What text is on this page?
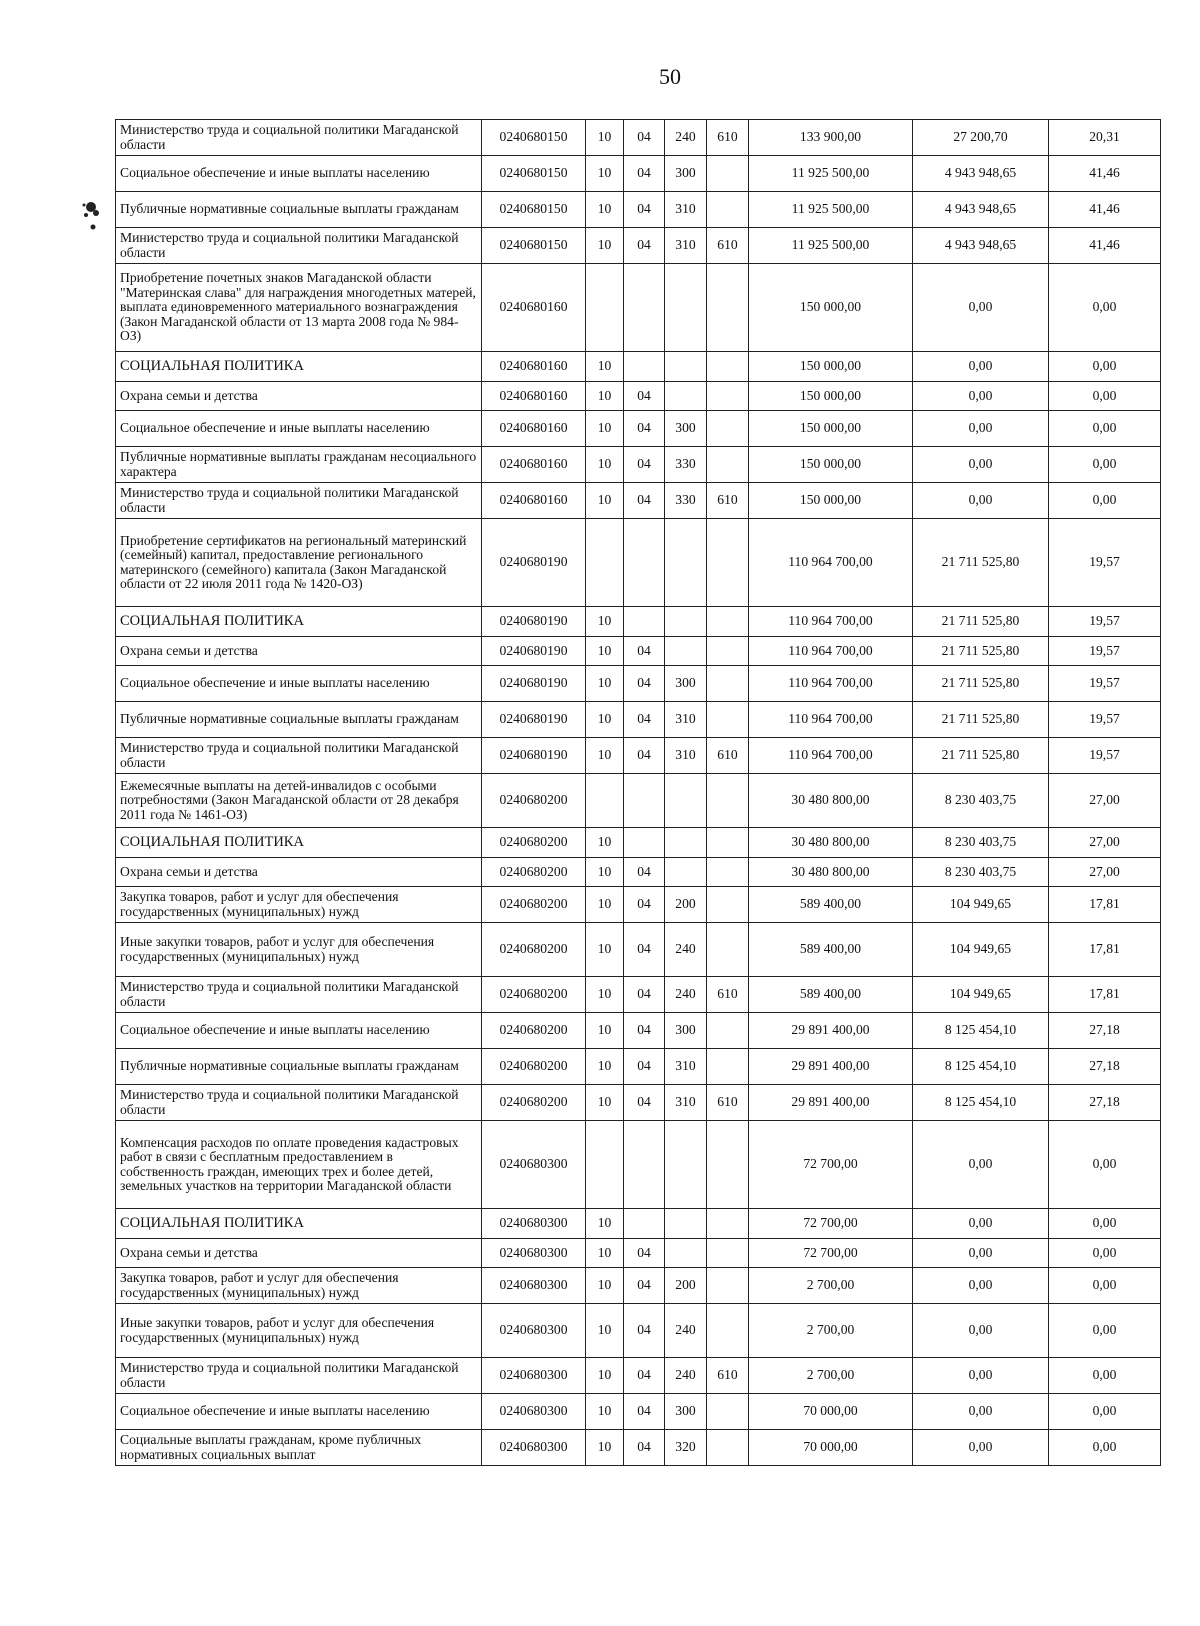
50
Министерство труда и социальной политики Магаданской области	0240680150	10	04	240	610	133 900,00	27 200,70	20,31
Социальное обеспечение и иные выплаты населению	0240680150	10	04	300		11 925 500,00	4 943 948,65	41,46
Публичные нормативные социальные выплаты гражданам	0240680150	10	04	310		11 925 500,00	4 943 948,65	41,46
Министерство труда и социальной политики Магаданской области	0240680150	10	04	310	610	11 925 500,00	4 943 948,65	41,46
Приобретение почетных знаков Магаданской области "Материнская слава" для награждения многодетных матерей, выплата единовременного материального вознаграждения (Закон Магаданской области от 13 марта 2008 года № 984-ОЗ)	0240680160					150 000,00	0,00	0,00
СОЦИАЛЬНАЯ ПОЛИТИКА	0240680160	10				150 000,00	0,00	0,00
Охрана семьи и детства	0240680160	10	04			150 000,00	0,00	0,00
Социальное обеспечение и иные выплаты населению	0240680160	10	04	300		150 000,00	0,00	0,00
Публичные нормативные выплаты гражданам несоциального характера	0240680160	10	04	330		150 000,00	0,00	0,00
Министерство труда и социальной политики Магаданской области	0240680160	10	04	330	610	150 000,00	0,00	0,00
Приобретение сертификатов на региональный материнский (семейный) капитал, предоставление регионального материнского (семейного) капитала (Закон Магаданской области от 22 июля 2011 года № 1420-ОЗ)	0240680190					110 964 700,00	21 711 525,80	19,57
СОЦИАЛЬНАЯ ПОЛИТИКА	0240680190	10				110 964 700,00	21 711 525,80	19,57
Охрана семьи и детства	0240680190	10	04			110 964 700,00	21 711 525,80	19,57
Социальное обеспечение и иные выплаты населению	0240680190	10	04	300		110 964 700,00	21 711 525,80	19,57
Публичные нормативные социальные выплаты гражданам	0240680190	10	04	310		110 964 700,00	21 711 525,80	19,57
Министерство труда и социальной политики Магаданской области	0240680190	10	04	310	610	110 964 700,00	21 711 525,80	19,57
Ежемесячные выплаты на детей-инвалидов с особыми потребностями (Закон Магаданской области от 28 декабря 2011 года № 1461-ОЗ)	0240680200					30 480 800,00	8 230 403,75	27,00
СОЦИАЛЬНАЯ ПОЛИТИКА	0240680200	10				30 480 800,00	8 230 403,75	27,00
Охрана семьи и детства	0240680200	10	04			30 480 800,00	8 230 403,75	27,00
Закупка товаров, работ и услуг для обеспечения государственных (муниципальных) нужд	0240680200	10	04	200		589 400,00	104 949,65	17,81
Иные закупки товаров, работ и услуг для обеспечения государственных (муниципальных) нужд	0240680200	10	04	240		589 400,00	104 949,65	17,81
Министерство труда и социальной политики Магаданской области	0240680200	10	04	240	610	589 400,00	104 949,65	17,81
Социальное обеспечение и иные выплаты населению	0240680200	10	04	300		29 891 400,00	8 125 454,10	27,18
Публичные нормативные социальные выплаты гражданам	0240680200	10	04	310		29 891 400,00	8 125 454,10	27,18
Министерство труда и социальной политики Магаданской области	0240680200	10	04	310	610	29 891 400,00	8 125 454,10	27,18
Компенсация расходов по оплате проведения кадастровых работ в связи с бесплатным предоставлением в собственность граждан, имеющих трех и более детей, земельных участков на территории Магаданской области	0240680300					72 700,00	0,00	0,00
СОЦИАЛЬНАЯ ПОЛИТИКА	0240680300	10				72 700,00	0,00	0,00
Охрана семьи и детства	0240680300	10	04			72 700,00	0,00	0,00
Закупка товаров, работ и услуг для обеспечения государственных (муниципальных) нужд	0240680300	10	04	200		2 700,00	0,00	0,00
Иные закупки товаров, работ и услуг для обеспечения государственных (муниципальных) нужд	0240680300	10	04	240		2 700,00	0,00	0,00
Министерство труда и социальной политики Магаданской области	0240680300	10	04	240	610	2 700,00	0,00	0,00
Социальное обеспечение и иные выплаты населению	0240680300	10	04	300		70 000,00	0,00	0,00
Социальные выплаты гражданам, кроме публичных нормативных социальных выплат	0240680300	10	04	320		70 000,00	0,00	0,00
